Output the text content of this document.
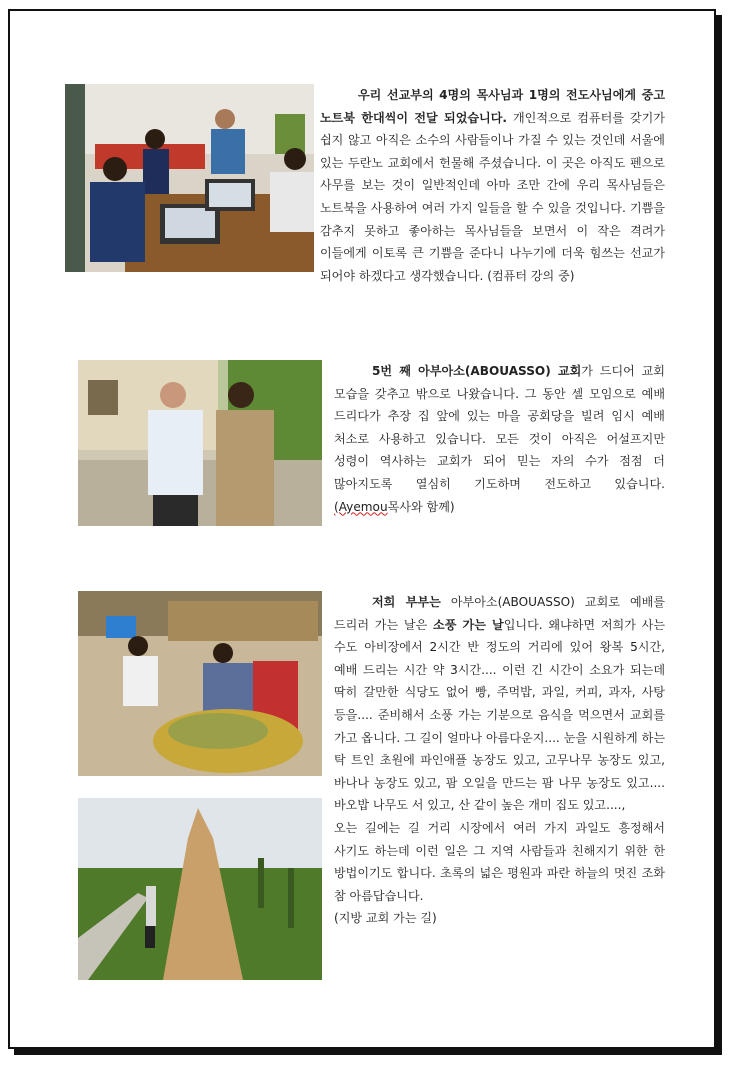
우리 선교부의 4명의 목사님과 1명의 전도사님에게 중고 노트북 한대씩이 전달 되었습니다. 개인적으로 컴퓨터를 갖기가 쉽지 않고 아직은 소수의 사람들이나 가질 수 있는 것인데 서울에 있는 두란노 교회에서 헌물해 주셨습니다. 이 곳은 아직도 펜으로 사무를 보는 것이 일반적인데 아마 조만 간에 우리 목사님들은 노트북을 사용하여 여러 가지 일들을 할 수 있을 것입니다. 기쁨을 감추지 못하고 좋아하는 목사님들을 보면서 이 작은 격려가 이들에게 이토록 큰 기쁨을 준다니 나누기에 더욱 힘쓰는 선교가 되어야 하겠다고 생각했습니다. (컴퓨터 강의 중)
5번 째 아부아소(ABOUASSO) 교회가 드디어 교회 모습을 갖추고 밖으로 나왔습니다. 그 동안 셀 모임으로 예배 드리다가 추장 집 앞에 있는 마을 공회당을 빌려 임시 예배 처소로 사용하고 있습니다. 모든 것이 아직은 어설프지만 성령이 역사하는 교회가 되어 믿는 자의 수가 점점 더 많아지도록 열심히 기도하며 전도하고 있습니다.(Ayemou목사와 함께)
저희 부부는 아부아소(ABOUASSO) 교회로 예배를 드리러 가는 날은 소풍 가는 날입니다. 왜냐하면 저희가 사는 수도 아비장에서 2시간 반 정도의 거리에 있어 왕복 5시간, 예배 드리는 시간 약 3시간.... 이런 긴 시간이 소요가 되는데 딱히 갈만한 식당도 없어 빵, 주먹밥, 과일, 커피, 과자, 사탕 등을.... 준비해서 소풍 가는 기분으로 음식을 먹으면서 교회를 가고 옵니다. 그 길이 얼마나 아름다운지.... 눈을 시원하게 하는 탁 트인 초원에 파인애플 농장도 있고, 고무나무 농장도 있고, 바나나 농장도 있고, 팜 오일을 만드는 팜 나무 농장도 있고.... 바오밥 나무도 서 있고, 산 같이 높은 개미 집도 있고....,
오는 길에는 길 거리 시장에서 여러 가지 과일도 흥정해서 사기도 하는데 이런 일은 그 지역 사람들과 친해지기 위한 한 방법이기도 합니다. 초록의 넓은 평원과 파란 하늘의 멋진 조화 참 아름답습니다.
(지방 교회 가는 길)
